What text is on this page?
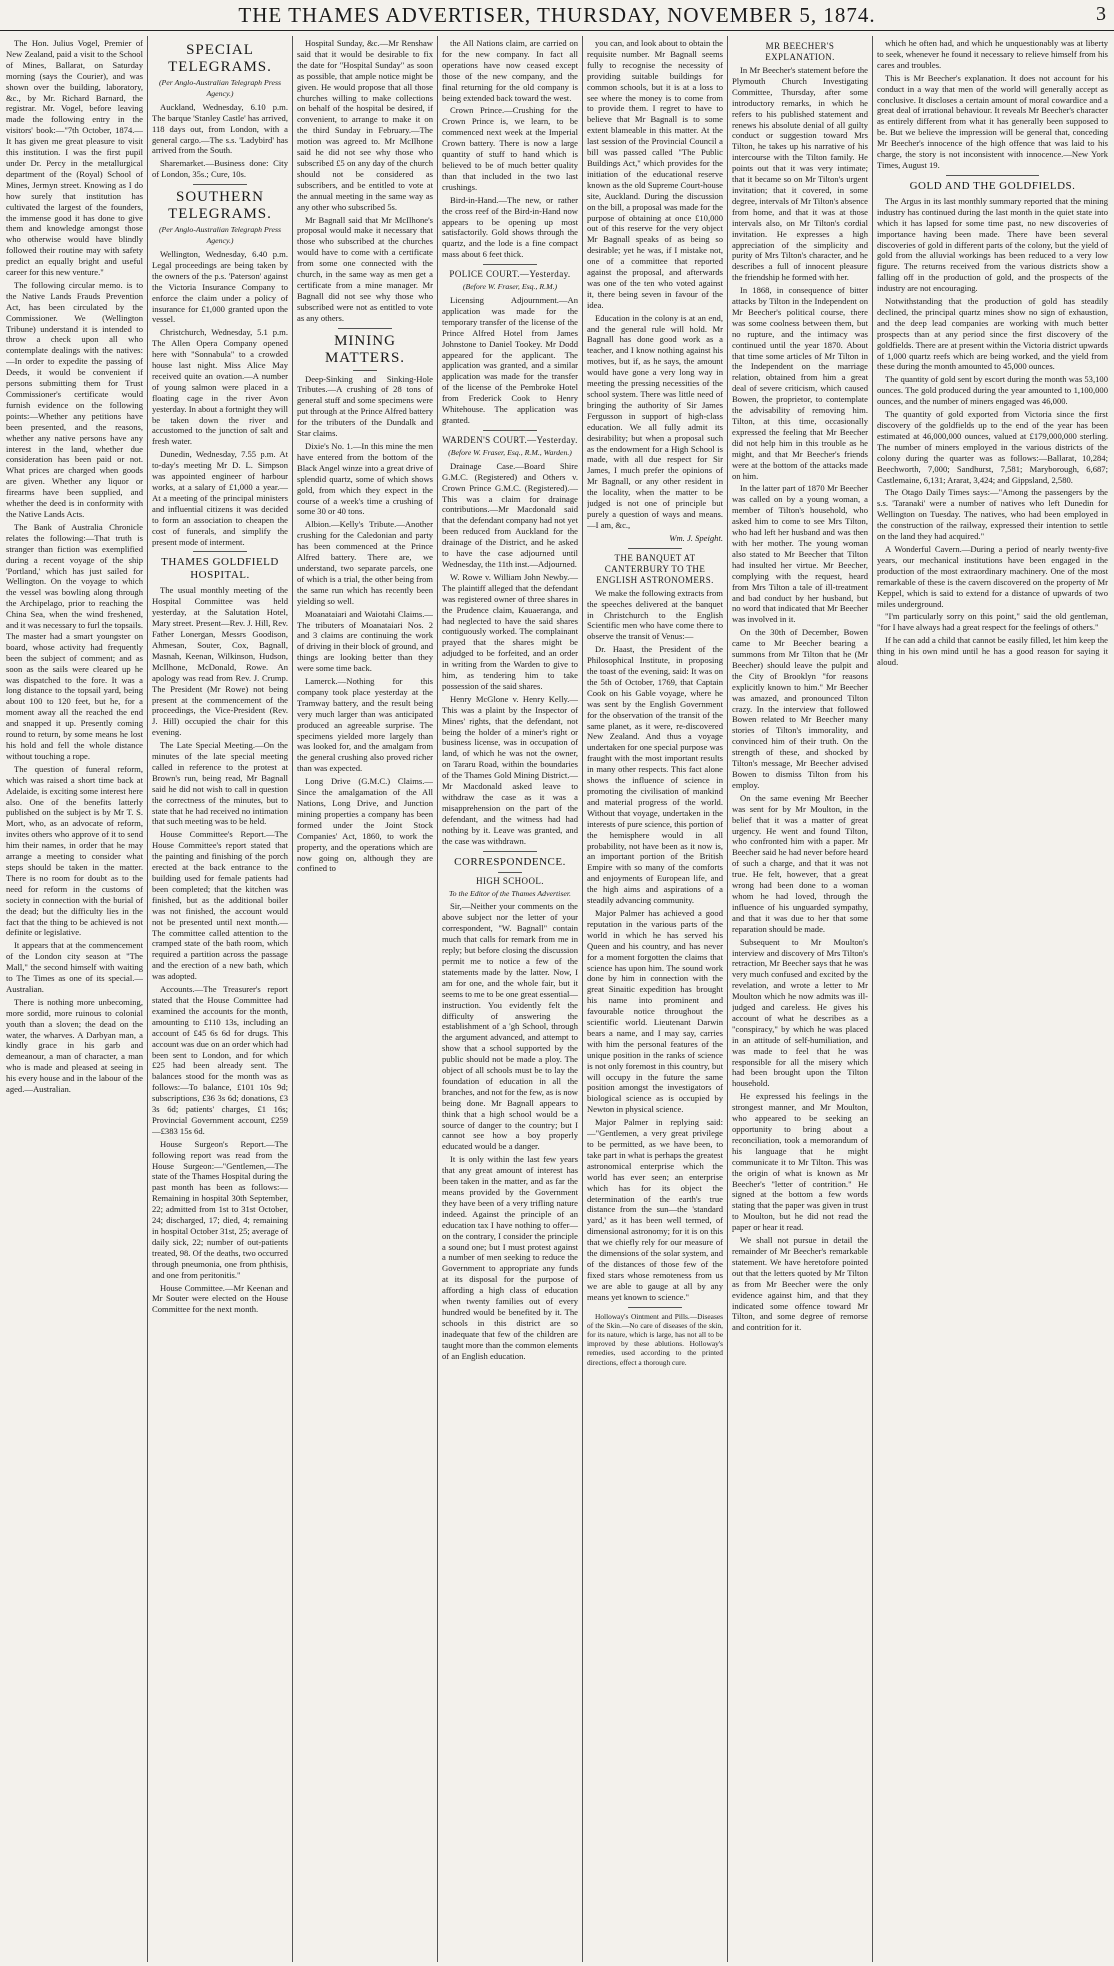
THE THAMES ADVERTISER, THURSDAY, NOVEMBER 5, 1874.	3

The Hon. Julius Vogel, Premier of New Zealand, paid a visit to the School of Mines, Ballarat, on Saturday morning (says the Courier), and was shown over the building, laboratory, &c., by Mr. Richard Barnard, the registrar. Mr. Vogel, before leaving made the following entry in the visitors' book:—"7th October, 1874.—It has given me great pleasure to visit this institution. I was the first pupil under Dr. Percy in the metallurgical department of the (Royal) School of Mines, Jermyn street. Knowing as I do how surely that institution has cultivated the largest of the founders, the immense good it has done to give them and knowledge amongst those who otherwise would have blindly followed their routine may with safety predict an equally bright and useful career for this new venture."

The following circular memo. is to the Native Lands Frauds Prevention Act, has been circulated by the Commissioner. We (Wellington Tribune) understand it is intended to throw a check upon all who contemplate dealings with the natives:—In order to expedite the passing of Deeds, it would be convenient if persons submitting them for Trust Commissioner's certificate would furnish evidence on the following points:—Whether any petitions have been presented, and the reasons, whether any native persons have any interest in the land, whether due consideration has been paid or not. What prices are charged when goods are given. Whether any liquor or firearms have been supplied, and whether the deed is in conformity with the Native Lands Acts.

The Bank of Australia Chronicle relates the following:—That truth is stranger than fiction was exemplified during a recent voyage of the ship 'Portland,' which has just sailed for Wellington. On the voyage to which the vessel was bowling along through the Archipelago, prior to reaching the China Sea, when the wind freshened, and it was necessary to furl the topsails. The master had a smart youngster on board, whose activity had frequently been the subject of comment; and as soon as the sails were cleared up he was dispatched to the fore. It was a long distance to the topsail yard, being about 100 to 120 feet, but he, for a moment away all the reached the end and snapped it up. Presently coming round to return, by some means he lost his hold and fell the whole distance without touching a rope.

The question of funeral reform, which was raised a short time back at Adelaide, is exciting some interest here also. One of the benefits latterly published on the subject is by Mr T. S. Mort, who, as an advocate of reform, invites others who approve of it to send him their names, in order that he may arrange a meeting to consider what steps should be taken in the matter. There is no room for doubt as to the need for reform in the customs of society in connection with the burial of the dead; but the difficulty lies in the fact that the thing to be achieved is not definite or legislative.

It appears that at the commencement of the London city season at "The Mall," the second himself with waiting to The Times as one of its special.—Australian.

There is nothing more unbecoming, more sordid, more ruinous to colonial youth than a sloven; the dead on the water, the wharves. A Darbyan man, a kindly grace in his garb and demeanour, a man of character, a man who is made and pleased at seeing in his every house and in the labour of the aged.—Australian.

SPECIAL TELEGRAMS.

(Per Anglo-Australian Telegraph Press Agency.)

Auckland, Wednesday, 6.10 p.m. The barque 'Stanley Castle' has arrived, 118 days out, from London, with a general cargo.—The s.s. 'Ladybird' has arrived from the South.

Sharemarket.—Business done: City of London, 35s.; Cure, 10s.

SOUTHERN TELEGRAMS.

(Per Anglo-Australian Telegraph Press Agency.)

Wellington, Wednesday, 6.40 p.m. Legal proceedings are being taken by the owners of the p.s. 'Paterson' against the Victoria Insurance Company to enforce the claim under a policy of insurance for £1,000 granted upon the vessel.

Christchurch, Wednesday, 5.1 p.m. The Allen Opera Company opened here with "Sonnabula" to a crowded house last night. Miss Alice May received quite an ovation.—A number of young salmon were placed in a floating cage in the river Avon yesterday. In about a fortnight they will be taken down the river and accustomed to the junction of salt and fresh water.

Dunedin, Wednesday, 7.55 p.m. At to-day's meeting Mr D. L. Simpson was appointed engineer of harbour works, at a salary of £1,000 a year.—At a meeting of the principal ministers and influential citizens it was decided to form an association to cheapen the cost of funerals, and simplify the present mode of interment.

THAMES GOLDFIELD HOSPITAL.

The usual monthly meeting of the Hospital Committee was held yesterday, at the Salutation Hotel, Mary street. Present—Rev. J. Hill, Rev. Father Lonergan, Messrs Goodison, Ahmesan, Souter, Cox, Bagnall, Masnah, Keenan, Wilkinson, Hudson, McIlhone, McDonald, Rowe. An apology was read from Rev. J. Crump. The President (Mr Rowe) not being present at the commencement of the proceedings, the Vice-President (Rev. J. Hill) occupied the chair for this evening.

The Late Special Meeting.—On the minutes of the late special meeting called in reference to the protest at Brown's run, being read, Mr Bagnall said he did not wish to call in question the correctness of the minutes, but to state that he had received no intimation that such meeting was to be held.

House Committee's Report.—The House Committee's report stated that the painting and finishing of the porch erected at the back entrance to the building used for female patients had been completed; that the kitchen was finished, but as the additional boiler was not finished, the account would not be presented until next month.—The committee called attention to the cramped state of the bath room, which required a partition across the passage and the erection of a new bath, which was adopted.

Accounts.—The Treasurer's report stated that the House Committee had examined the accounts for the month, amounting to £110 13s, including an account of £45 6s 6d for drugs. This account was due on an order which had been sent to London, and for which £25 had been already sent. The balances stood for the month was as follows:—To balance, £101 10s 9d; subscriptions, £36 3s 6d; donations, £3 3s 6d; patients' charges, £1 16s; Provincial Government account, £259—£383 15s 6d.

House Surgeon's Report.—The following report was read from the House Surgeon:—"Gentlemen,—The state of the Thames Hospital during the past month has been as follows:—Remaining in hospital 30th September, 22; admitted from 1st to 31st October, 24; discharged, 17; died, 4; remaining in hospital October 31st, 25; average of daily sick, 22; number of out-patients treated, 98. Of the deaths, two occurred through pneumonia, one from phthisis, and one from peritonitis."

House Committee.—Mr Keenan and Mr Souter were elected on the House Committee for the next month.

Hospital Sunday, &c.—Mr Renshaw said that it would be desirable to fix the date for "Hospital Sunday" as soon as possible, that ample notice might be given. He would propose that all those churches willing to make collections on behalf of the hospital be desired, if convenient, to arrange to make it on the third Sunday in February.—The motion was agreed to. Mr McIlhone said he did not see why those who subscribed £5 on any day of the church should not be considered as subscribers, and be entitled to vote at the annual meeting in the same way as any other who subscribed 5s.

Mr Bagnall said that Mr McIlhone's proposal would make it necessary that those who subscribed at the churches would have to come with a certificate from some one connected with the church, in the same way as men get a certificate from a mine manager. Mr Bagnall did not see why those who subscribed were not as entitled to vote as any others.

MINING MATTERS.

Deep-Sinking and Sinking-Hole Tributes.—A crushing of 28 tons of general stuff and some specimens were put through at the Prince Alfred battery for the tributers of the Dundalk and Star claims.

Dixie's No. 1.—In this mine the men have entered from the bottom of the Black Angel winze into a great drive of splendid quartz, some of which shows gold, from which they expect in the course of a week's time a crushing of some 30 or 40 tons.

Albion.—Kelly's Tribute.—Another crushing for the Caledonian and party has been commenced at the Prince Alfred battery. There are, we understand, two separate parcels, one of which is a trial, the other being from the same run which has recently been yielding so well.

Moanataiari and Waiotahi Claims.—The tributers of Moanataiari Nos. 2 and 3 claims are continuing the work of driving in their block of ground, and things are looking better than they were some time back.

Lamerck.—Nothing for this company took place yesterday at the Tramway battery, and the result being very much larger than was anticipated produced an agreeable surprise. The specimens yielded more largely than was looked for, and the amalgam from the general crushing also proved richer than was expected.

Long Drive (G.M.C.) Claims.—Since the amalgamation of the All Nations, Long Drive, and Junction mining properties a company has been formed under the Joint Stock Companies' Act, 1860, to work the property, and the operations which are now going on, although they are confined to

the All Nations claim, are carried on for the new company. In fact all operations have now ceased except those of the new company, and the final returning for the old company is being extended back toward the west.

Crown Prince.—Crushing for the Crown Prince is, we learn, to be commenced next week at the Imperial Crown battery. There is now a large quantity of stuff to hand which is believed to be of much better quality than that included in the two last crushings.

Bird-in-Hand.—The new, or rather the cross reef of the Bird-in-Hand now appears to be opening up most satisfactorily. Gold shows through the quartz, and the lode is a fine compact mass about 6 feet thick.

POLICE COURT.—Yesterday.

(Before W. Fraser, Esq., R.M.)

Licensing Adjournment.—An application was made for the temporary transfer of the license of the Prince Alfred Hotel from James Johnstone to Daniel Tookey. Mr Dodd appeared for the applicant. The application was granted, and a similar application was made for the transfer of the license of the Pembroke Hotel from Frederick Cook to Henry Whitehouse. The application was granted.

WARDEN'S COURT.—Yesterday.

(Before W. Fraser, Esq., R.M., Warden.)

Drainage Case.—Board Shire G.M.C. (Registered) and Others v. Crown Prince G.M.C. (Registered).—This was a claim for drainage contributions.—Mr Macdonald said that the defendant company had not yet been reduced from Auckland for the drainage of the District, and he asked to have the case adjourned until Wednesday, the 11th inst.—Adjourned.

W. Rowe v. William John Newby.—The plaintiff alleged that the defendant was registered owner of three shares in the Prudence claim, Kauaeranga, and had neglected to have the said shares contiguously worked. The complainant prayed that the shares might be adjudged to be forfeited, and an order in writing from the Warden to give to him, as tendering him to take possession of the said shares.

Henry McGlone v. Henry Kelly.—This was a plaint by the Inspector of Mines' rights, that the defendant, not being the holder of a miner's right or business license, was in occupation of land, of which he was not the owner, on Tararu Road, within the boundaries of the Thames Gold Mining District.—Mr Macdonald asked leave to withdraw the case as it was a misapprehension on the part of the defendant, and the witness had had nothing by it. Leave was granted, and the case was withdrawn.

CORRESPONDENCE.
HIGH SCHOOL.

To the Editor of the Thames Advertiser.

Sir,—Neither your comments on the above subject nor the letter of your correspondent, "W. Bagnall" contain much that calls for remark from me in reply; but before closing the discussion permit me to notice a few of the statements made by the latter. Now, I am for one, and the whole fair, but it seems to me to be one great essential—instruction. You evidently felt the difficulty of answering the establishment of a 'gh School, through the argument advanced, and attempt to show that a school supported by the public should not be made a ploy. The object of all schools must be to lay the foundation of education in all the branches, and not for the few, as is now being done. Mr Bagnall appears to think that a high school would be a source of danger to the country; but I cannot see how a boy properly educated would be a danger.

It is only within the last few years that any great amount of interest has been taken in the matter, and as far the means provided by the Government they have been of a very trifling nature indeed. Against the principle of an education tax I have nothing to offer—on the contrary, I consider the principle a sound one; but I must protest against a number of men seeking to reduce the Government to appropriate any funds at its disposal for the purpose of affording a high class of education when twenty families out of every hundred would be benefited by it. The schools in this district are so inadequate that few of the children are taught more than the common elements of an English education.

you can, and look about to obtain the requisite number. Mr Bagnall seems fully to recognise the necessity of providing suitable buildings for common schools, but it is at a loss to see where the money is to come from to provide them. I regret to have to believe that Mr Bagnall is to some extent blameable in this matter. At the last session of the Provincial Council a bill was passed called "The Public Buildings Act," which provides for the initiation of the educational reserve known as the old Supreme Court-house site, Auckland. During the discussion on the bill, a proposal was made for the purpose of obtaining at once £10,000 out of this reserve for the very object Mr Bagnall speaks of as being so desirable; yet he was, if I mistake not, one of a committee that reported against the proposal, and afterwards was one of the ten who voted against it, there being seven in favour of the idea.

Education in the colony is at an end, and the general rule will hold. Mr Bagnall has done good work as a teacher, and I know nothing against his motives, but if, as he says, the amount would have gone a very long way in meeting the pressing necessities of the school system. There was little need of bringing the authority of Sir James Fergusson in support of high-class education. We all fully admit its desirability; but when a proposal such as the endowment for a High School is made, with all due respect for Sir James, I much prefer the opinions of Mr Bagnall, or any other resident in the locality, when the matter to be judged is not one of principle but purely a question of ways and means.—I am, &c.,

Wm. J. Speight.

THE BANQUET AT CANTERBURY TO THE ENGLISH ASTRONOMERS.

We make the following extracts from the speeches delivered at the banquet in Christchurch to the English Scientific men who have come there to observe the transit of Venus:—

Dr. Haast, the President of the Philosophical Institute, in proposing the toast of the evening, said: It was on the 5th of October, 1769, that Captain Cook on his Gable voyage, where he was sent by the English Government for the observation of the transit of the same planet, as it were, re-discovered New Zealand. And thus a voyage undertaken for one special purpose was fraught with the most important results in many other respects. This fact alone shows the influence of science in promoting the civilisation of mankind and material progress of the world. Without that voyage, undertaken in the interests of pure science, this portion of the hemisphere would in all probability, not have been as it now is, an important portion of the British Empire with so many of the comforts and enjoyments of European life, and the high aims and aspirations of a steadily advancing community.

Major Palmer has achieved a good reputation in the various parts of the world in which he has served his Queen and his country, and has never for a moment forgotten the claims that science has upon him. The sound work done by him in connection with the great Sinaitic expedition has brought his name into prominent and favourable notice throughout the scientific world. Lieutenant Darwin bears a name, and I may say, carries with him the personal features of the unique position in the ranks of science is not only foremost in this country, but will occupy in the future the same position amongst the investigators of biological science as is occupied by Newton in physical science.

Major Palmer in replying said:—"Gentlemen, a very great privilege to be permitted, as we have been, to take part in what is perhaps the greatest astronomical enterprise which the world has ever seen; an enterprise which has for its object the determination of the earth's true distance from the sun—the 'standard yard,' as it has been well termed, of dimensional astronomy; for it is on this that we chiefly rely for our measure of the dimensions of the solar system, and of the distances of those few of the fixed stars whose remoteness from us we are able to gauge at all by any means yet known to science."

Holloway's Ointment and Pills.—Diseases of the Skin.—No care of diseases of the skin, for its nature, which is large, has not all to be improved by these ablutions. Holloway's remedies, used according to the printed directions, effect a thorough cure.

MR BEECHER'S EXPLANATION.

In Mr Beecher's statement before the Plymouth Church Investigating Committee, Thursday, after some introductory remarks, in which he refers to his published statement and renews his absolute denial of all guilty conduct or suggestion toward Mrs Tilton, he takes up his narrative of his intercourse with the Tilton family. He points out that it was very intimate; that it became so on Mr Tilton's urgent invitation; that it covered, in some degree, intervals of Mr Tilton's absence from home, and that it was at those intervals also, on Mr Tilton's cordial invitation. He expresses a high appreciation of the simplicity and purity of Mrs Tilton's character, and he describes a full of innocent pleasure the friendship he formed with her.

In 1868, in consequence of bitter attacks by Tilton in the Independent on Mr Beecher's political course, there was some coolness between them, but no rupture, and the intimacy was continued until the year 1870. About that time some articles of Mr Tilton in the Independent on the marriage relation, obtained from him a great deal of severe criticism, which caused Bowen, the proprietor, to contemplate the advisability of removing him. Tilton, at this time, occasionally expressed the feeling that Mr Beecher did not help him in this trouble as he might, and that Mr Beecher's friends were at the bottom of the attacks made on him.

In the latter part of 1870 Mr Beecher was called on by a young woman, a member of Tilton's household, who asked him to come to see Mrs Tilton, who had left her husband and was then with her mother. The young woman also stated to Mr Beecher that Tilton had insulted her virtue. Mr Beecher, complying with the request, heard from Mrs Tilton a tale of ill-treatment and bad conduct by her husband, but no word that indicated that Mr Beecher was involved in it.

On the 30th of December, Bowen came to Mr Beecher bearing a summons from Mr Tilton that he (Mr Beecher) should leave the pulpit and the City of Brooklyn "for reasons explicitly known to him." Mr Beecher was amazed, and pronounced Tilton crazy. In the interview that followed Bowen related to Mr Beecher many stories of Tilton's immorality, and convinced him of their truth. On the strength of these, and shocked by Tilton's message, Mr Beecher advised Bowen to dismiss Tilton from his employ.

On the same evening Mr Beecher was sent for by Mr Moulton, in the belief that it was a matter of great urgency. He went and found Tilton, who confronted him with a paper. Mr Beecher said he had never before heard of such a charge, and that it was not true. He felt, however, that a great wrong had been done to a woman whom he had loved, through the influence of his unguarded sympathy, and that it was due to her that some reparation should be made.

Subsequent to Mr Moulton's interview and discovery of Mrs Tilton's retraction, Mr Beecher says that he was very much confused and excited by the revelation, and wrote a letter to Mr Moulton which he now admits was ill-judged and careless. He gives his account of what he describes as a "conspiracy," by which he was placed in an attitude of self-humiliation, and was made to feel that he was responsible for all the misery which had been brought upon the Tilton household.

He expressed his feelings in the strongest manner, and Mr Moulton, who appeared to be seeking an opportunity to bring about a reconciliation, took a memorandum of his language that he might communicate it to Mr Tilton. This was the origin of what is known as Mr Beecher's "letter of contrition." He signed at the bottom a few words stating that the paper was given in trust to Moulton, but he did not read the paper or hear it read.

We shall not pursue in detail the remainder of Mr Beecher's remarkable statement. We have heretofore pointed out that the letters quoted by Mr Tilton as from Mr Beecher were the only evidence against him, and that they indicated some offence toward Mr Tilton, and some degree of remorse and contrition for it.

which he often had, and which he unquestionably was at liberty to seek, whenever he found it necessary to relieve himself from his cares and troubles.

This is Mr Beecher's explanation. It does not account for his conduct in a way that men of the world will generally accept as conclusive. It discloses a certain amount of moral cowardice and a great deal of irrational behaviour. It reveals Mr Beecher's character as entirely different from what it has generally been supposed to be. But we believe the impression will be general that, conceding Mr Beecher's innocence of the high offence that was laid to his charge, the story is not inconsistent with innocence.—New York Times, August 19.

GOLD AND THE GOLDFIELDS.

The Argus in its last monthly summary reported that the mining industry has continued during the last month in the quiet state into which it has lapsed for some time past, no new discoveries of importance having been made. There have been several discoveries of gold in different parts of the colony, but the yield of gold from the alluvial workings has been reduced to a very low figure. The returns received from the various districts show a falling off in the production of gold, and the prospects of the industry are not encouraging.

Notwithstanding that the production of gold has steadily declined, the principal quartz mines show no sign of exhaustion, and the deep lead companies are working with much better prospects than at any period since the first discovery of the goldfields. There are at present within the Victoria district upwards of 1,000 quartz reefs which are being worked, and the yield from these during the month amounted to 45,000 ounces.

The quantity of gold sent by escort during the month was 53,100 ounces. The gold produced during the year amounted to 1,100,000 ounces, and the number of miners engaged was 46,000.

The quantity of gold exported from Victoria since the first discovery of the goldfields up to the end of the year has been estimated at 46,000,000 ounces, valued at £179,000,000 sterling. The number of miners employed in the various districts of the colony during the quarter was as follows:—Ballarat, 10,284; Beechworth, 7,000; Sandhurst, 7,581; Maryborough, 6,687; Castlemaine, 6,131; Ararat, 3,424; and Gippsland, 2,580.

The Otago Daily Times says:—"Among the passengers by the s.s. 'Taranaki' were a number of natives who left Dunedin for Wellington on Tuesday. The natives, who had been employed in the construction of the railway, expressed their intention to settle on the land they had acquired."

A Wonderful Cavern.—During a period of nearly twenty-five years, our mechanical institutions have been engaged in the production of the most extraordinary machinery. One of the most remarkable of these is the cavern discovered on the property of Mr Keppel, which is said to extend for a distance of upwards of two miles underground.

"I'm particularly sorry on this point," said the old gentleman, "for I have always had a great respect for the feelings of others."

If he can add a child that cannot be easily filled, let him keep the thing in his own mind until he has a good reason for saying it aloud.
